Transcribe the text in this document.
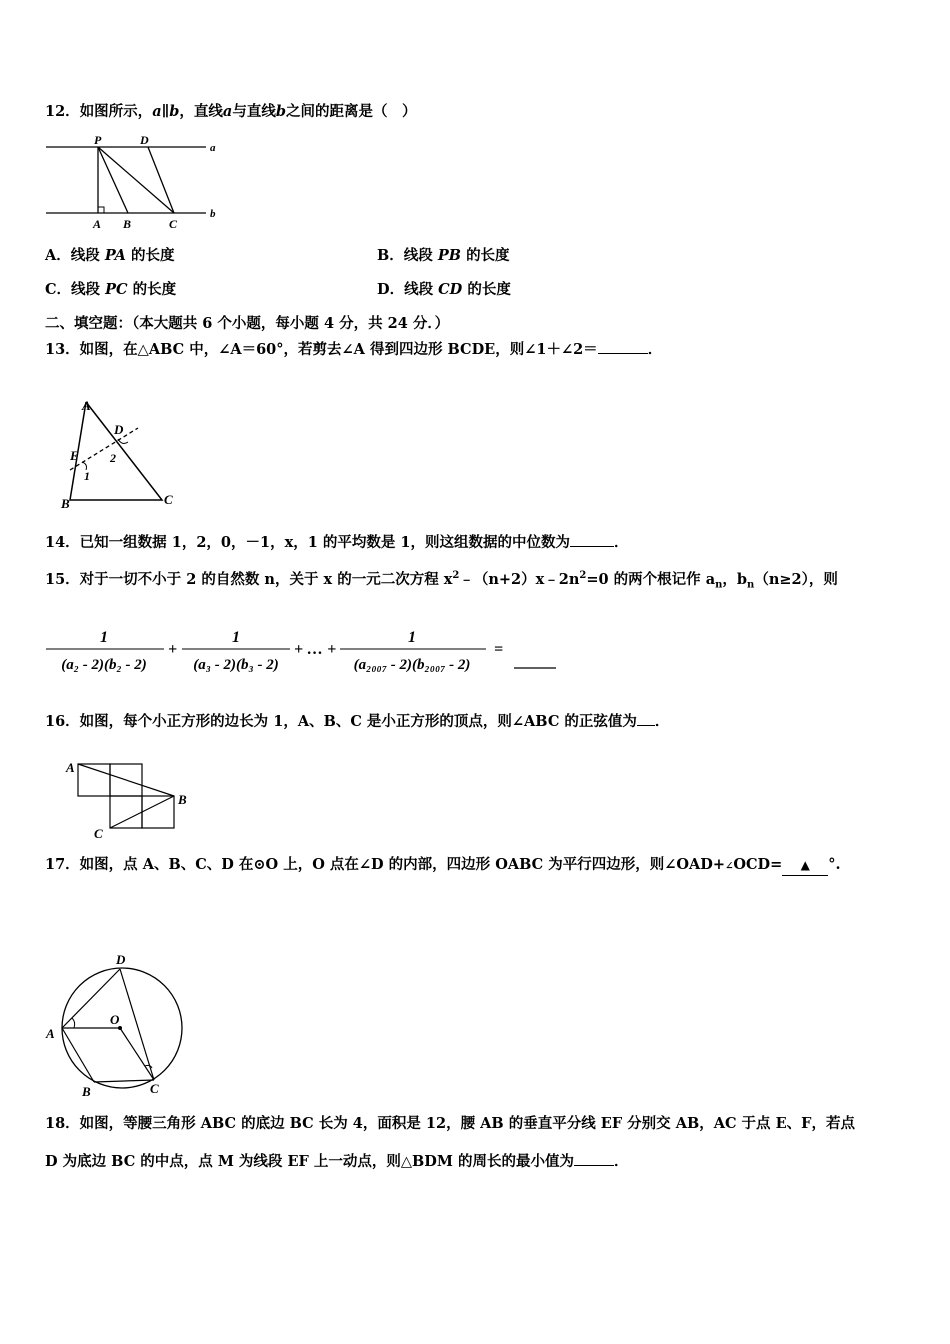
12．如图所示，a∥b，直线a与直线b之间的距离是（　）
P	D
a
A B	C
b
A．线段 PA 的长度	B．线段 PB 的长度
C．线段 PC 的长度	D．线段 CD 的长度
二、填空题：（本大题共 6 个小题，每小题 4 分，共 24 分．）
13．如图，在△ABC 中，∠A＝60°，若剪去∠A 得到四边形 BCDE，则∠1＋∠2＝	．
A
D
E	2
1
B	C
14．已知一组数据 1，2，0，－1，x，1 的平均数是 1，则这组数据的中位数为	．
15．对于一切不小于 2 的自然数 n，关于 x 的一元二次方程 $x^2﹣(n+2)x﹣2n^2=0$ 的两个根记作 $a_n$，$b_n(n\ge 2)$，则
1
(a₂ - 2)(b₂ - 2)
+
1
(a₃ - 2)(b₃ - 2)
+ … +
1
(a₂₀₀₇ - 2)(b₂₀₀₇ - 2)
=
16．如图，每个小正方形的边长为 1，A、B、C 是小正方形的顶点，则∠ABC 的正弦值为 ．
A
B
C
17．如图，点 A、B、C、D 在⊙O 上，O 点在∠D 的内部，四边形 OABC 为平行四边形，则∠OAD+∠OCD= ▲ °.
D
O
A
B	C
18．如图，等腰三角形 ABC 的底边 BC 长为 4，面积是 12，腰 AB 的垂直平分线 EF 分别交 AB，AC 于点 E、F，若点
D 为底边 BC 的中点，点 M 为线段 EF 上一动点，则△BDM 的周长的最小值为	．
